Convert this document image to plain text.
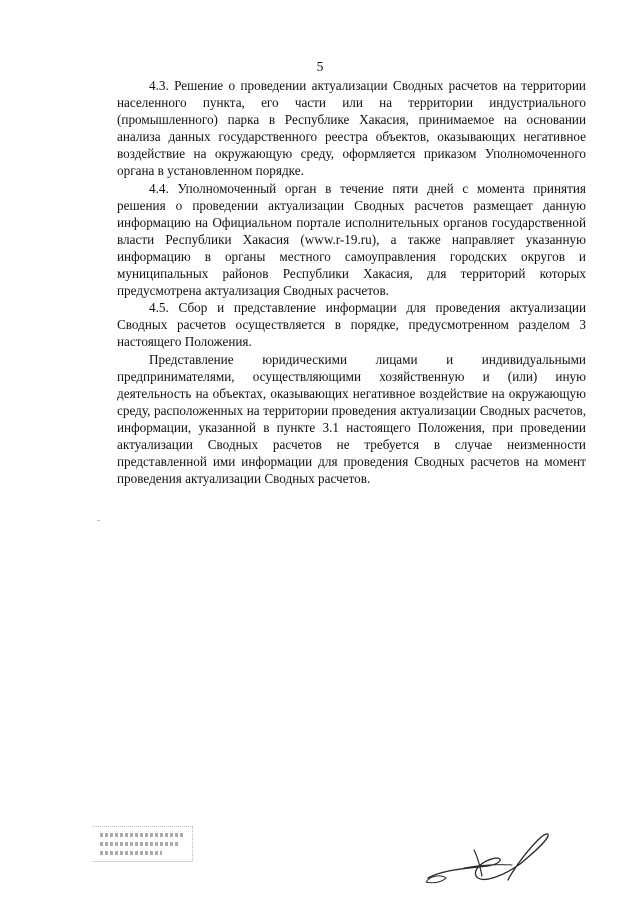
5

4.3. Решение о проведении актуализации Сводных расчетов на территории населенного пункта, его части или на территории индустриального (промышленного) парка в Республике Хакасия, принимаемое на основании анализа данных государственного реестра объектов, оказывающих негативное воздействие на окружающую среду, оформляется приказом Уполномоченного органа в установленном порядке.

4.4. Уполномоченный орган в течение пяти дней с момента принятия решения о проведении актуализации Сводных расчетов размещает данную информацию на Официальном портале исполнительных органов государственной власти Республики Хакасия (www.r-19.ru), а также направляет указанную информацию в органы местного самоуправления городских округов и муниципальных районов Республики Хакасия, для территорий которых предусмотрена актуализация Сводных расчетов.

4.5. Сбор и представление информации для проведения актуализации Сводных расчетов осуществляется в порядке, предусмотренном разделом 3 настоящего Положения.

Представление юридическими лицами и индивидуальными предпринимателями, осуществляющими хозяйственную и (или) иную деятельность на объектах, оказывающих негативное воздействие на окружающую среду, расположенных на территории проведения актуализации Сводных расчетов, информации, указанной в пункте 3.1 настоящего Положения, при проведении актуализации Сводных расчетов не требуется в случае неизменности представленной ими информации для проведения Сводных расчетов на момент проведения актуализации Сводных расчетов.
